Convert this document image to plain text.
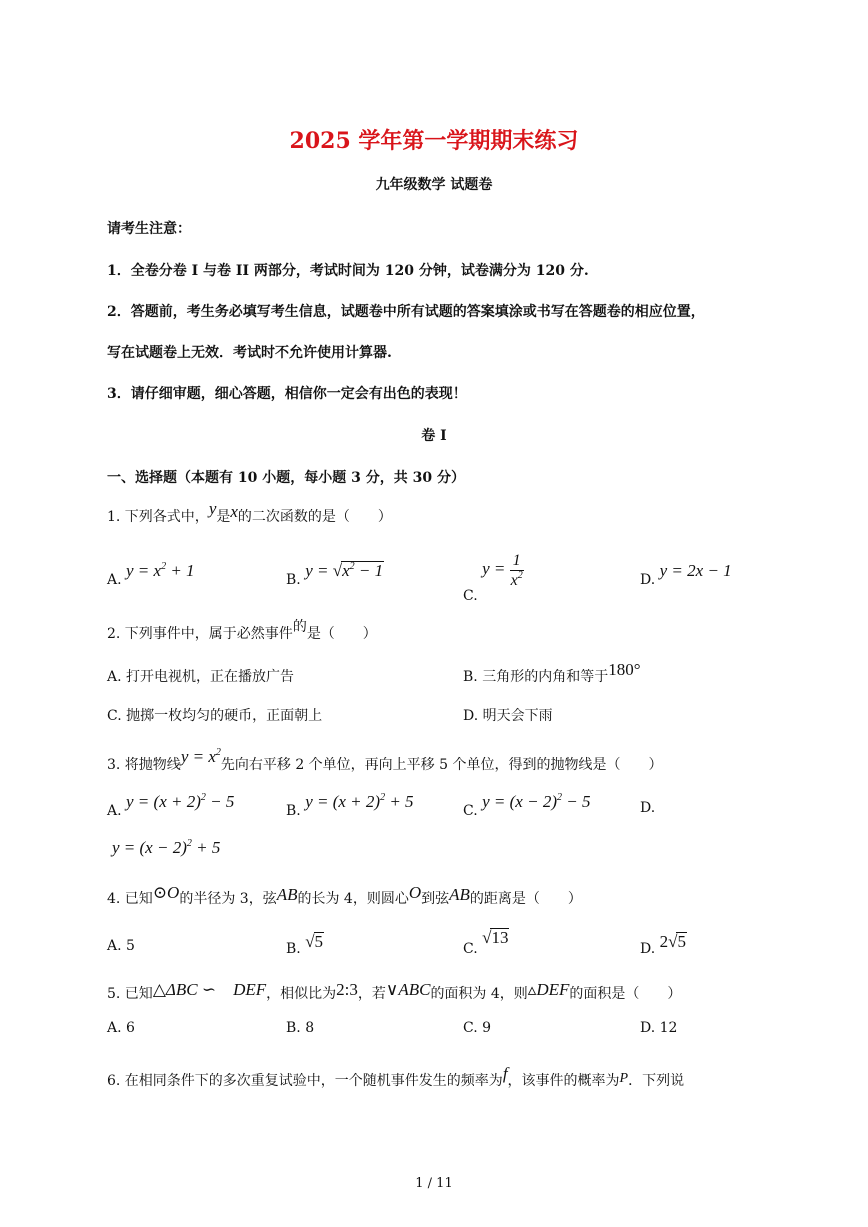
2025 学年第一学期期末练习
九年级数学 试题卷
请考生注意：
1．全卷分卷 I 与卷 II 两部分，考试时间为 120 分钟，试卷满分为 120 分.
2．答题前，考生务必填写考生信息，试题卷中所有试题的答案填涂或书写在答题卷的相应位置，
写在试题卷上无效．考试时不允许使用计算器.
3．请仔细审题，细心答题，相信你一定会有出色的表现！
卷 I
一、选择题（本题有 10 小题，每小题 3 分，共 30 分）
1. 下列各式中，y是x的二次函数的是（　　）
A. $y = x^2 + 1$	B. $y = √x^2 - 1$
C. $y = \frac{1}{x^2}$	D. y = 2x − 1
2. 下列事件中，属于必然事件的是（　　）
A. 打开电视机，正在播放广告	B. 三角形的内角和等于180°
C. 抛掷一枚均匀的硬币，正面朝上	D. 明天会下雨
3. 将抛物线$y = x^2$先向右平移 2 个单位，再向上平移 5 个单位，得到的抛物线是（　　）
A. $y = (x + 2)^2 - 5$	B. $y = (x + 2)^2 + 5$	C. $y = (x - 2)^2 - 5$	D.
$y = (x - 2)^2 + 5$
4. 已知⊙O的半径为 3，弦AB的长为 4，则圆心O到弦AB的距离是（　　）
A. 5	B. √5	C. √13
D. 2√5
5. 已知△ΔBC ∽　DEF，相似比为2:3，若∨ABC的面积为 4，则▵DEF的面积是（　　）
A. 6	B. 8	C. 9	D. 12
6. 在相同条件下的多次重复试验中，一个随机事件发生的频率为f，该事件的概率为P．下列说
1 / 11
